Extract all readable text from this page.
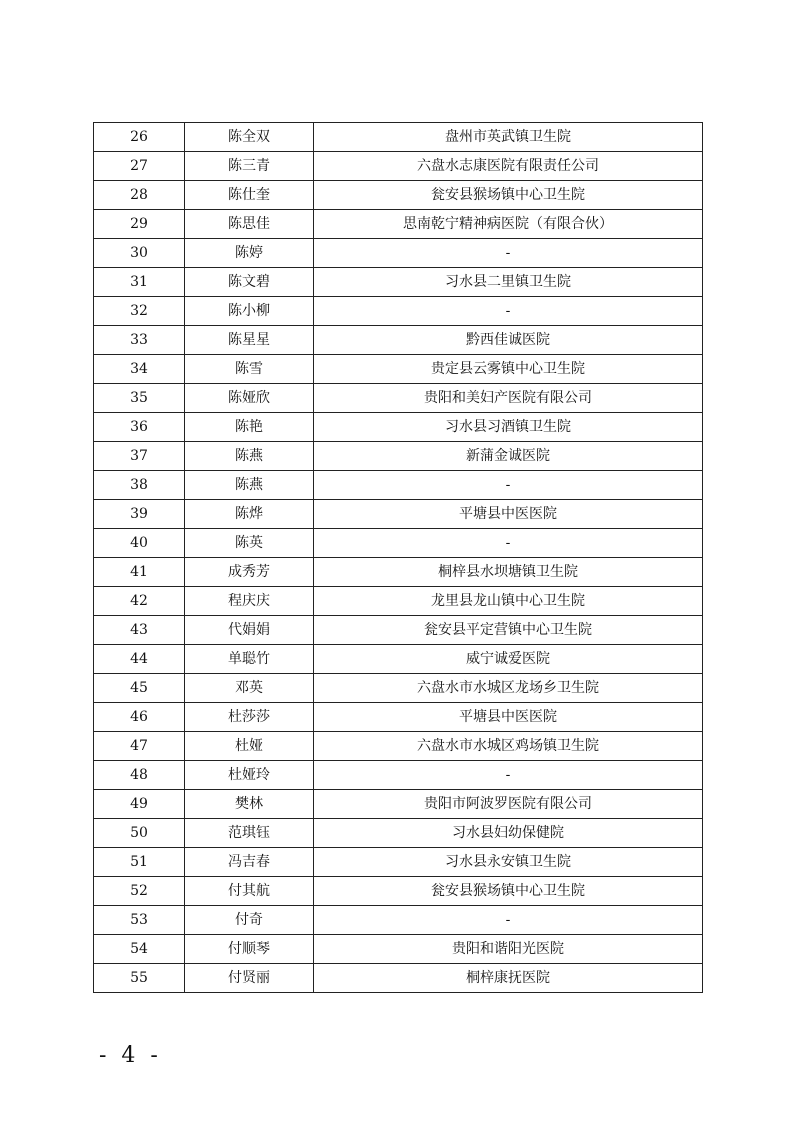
26	陈全双	盘州市英武镇卫生院
27	陈三青	六盘水志康医院有限责任公司
28	陈仕奎	瓮安县猴场镇中心卫生院
29	陈思佳	思南乾宁精神病医院（有限合伙）
30	陈婷	-
31	陈文碧	习水县二里镇卫生院
32	陈小柳	-
33	陈星星	黔西佳诚医院
34	陈雪	贵定县云雾镇中心卫生院
35	陈娅欣	贵阳和美妇产医院有限公司
36	陈艳	习水县习酒镇卫生院
37	陈燕	新蒲金诚医院
38	陈燕	-
39	陈烨	平塘县中医医院
40	陈英	-
41	成秀芳	桐梓县水坝塘镇卫生院
42	程庆庆	龙里县龙山镇中心卫生院
43	代娟娟	瓮安县平定营镇中心卫生院
44	单聪竹	威宁诚爱医院
45	邓英	六盘水市水城区龙场乡卫生院
46	杜莎莎	平塘县中医医院
47	杜娅	六盘水市水城区鸡场镇卫生院
48	杜娅玲	-
49	樊林	贵阳市阿波罗医院有限公司
50	范琪钰	习水县妇幼保健院
51	冯吉春	习水县永安镇卫生院
52	付其航	瓮安县猴场镇中心卫生院
53	付奇	-
54	付顺琴	贵阳和谐阳光医院
55	付贤丽	桐梓康抚医院
- 4 -
